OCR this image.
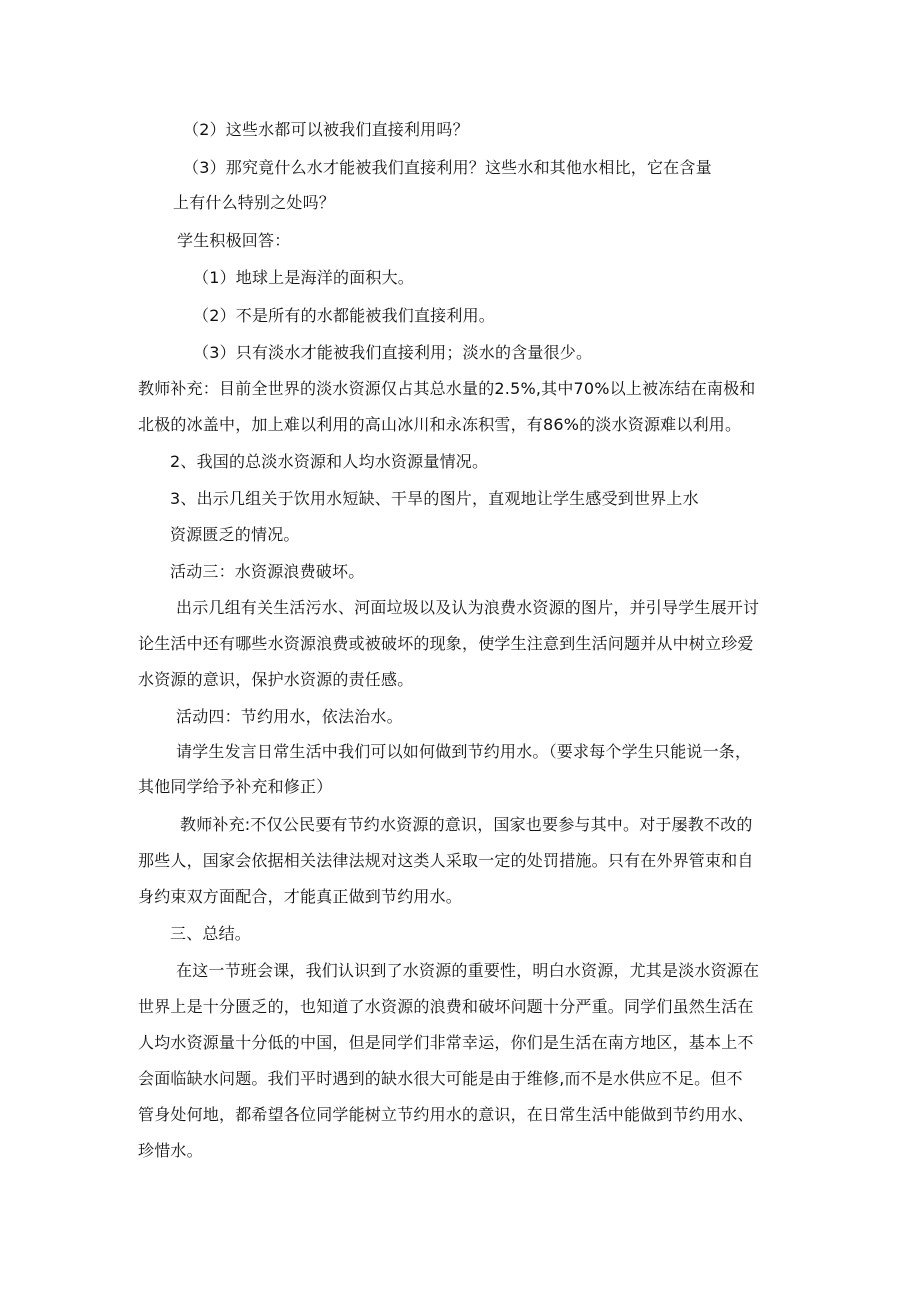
（2）这些水都可以被我们直接利用吗？
（3）那究竟什么水才能被我们直接利用？这些水和其他水相比，它在含量
上有什么特别之处吗？
学生积极回答：
（1）地球上是海洋的面积大。
（2）不是所有的水都能被我们直接利用。
（3）只有淡水才能被我们直接利用；淡水的含量很少。
教师补充：目前全世界的淡水资源仅占其总水量的2.5%,其中70%以上被冻结在南极和
北极的冰盖中，加上难以利用的高山冰川和永冻积雪，有86%的淡水资源难以利用。
2、我国的总淡水资源和人均水资源量情况。
3、出示几组关于饮用水短缺、干旱的图片，直观地让学生感受到世界上水
资源匮乏的情况。
活动三：水资源浪费破坏。
出示几组有关生活污水、河面垃圾以及认为浪费水资源的图片，并引导学生展开讨
论生活中还有哪些水资源浪费或被破坏的现象，使学生注意到生活问题并从中树立珍爱
水资源的意识，保护水资源的责任感。
活动四：节约用水，依法治水。
请学生发言日常生活中我们可以如何做到节约用水。（要求每个学生只能说一条，
其他同学给予补充和修正）
教师补充:不仅公民要有节约水资源的意识，国家也要参与其中。对于屡教不改的
那些人，国家会依据相关法律法规对这类人采取一定的处罚措施。只有在外界管束和自
身约束双方面配合，才能真正做到节约用水。
三、总结。
在这一节班会课，我们认识到了水资源的重要性，明白水资源，尤其是淡水资源在
世界上是十分匮乏的，也知道了水资源的浪费和破坏问题十分严重。同学们虽然生活在
人均水资源量十分低的中国，但是同学们非常幸运，你们是生活在南方地区，基本上不
会面临缺水问题。我们平时遇到的缺水很大可能是由于维修,而不是水供应不足。但不
管身处何地，都希望各位同学能树立节约用水的意识，在日常生活中能做到节约用水、
珍惜水。
